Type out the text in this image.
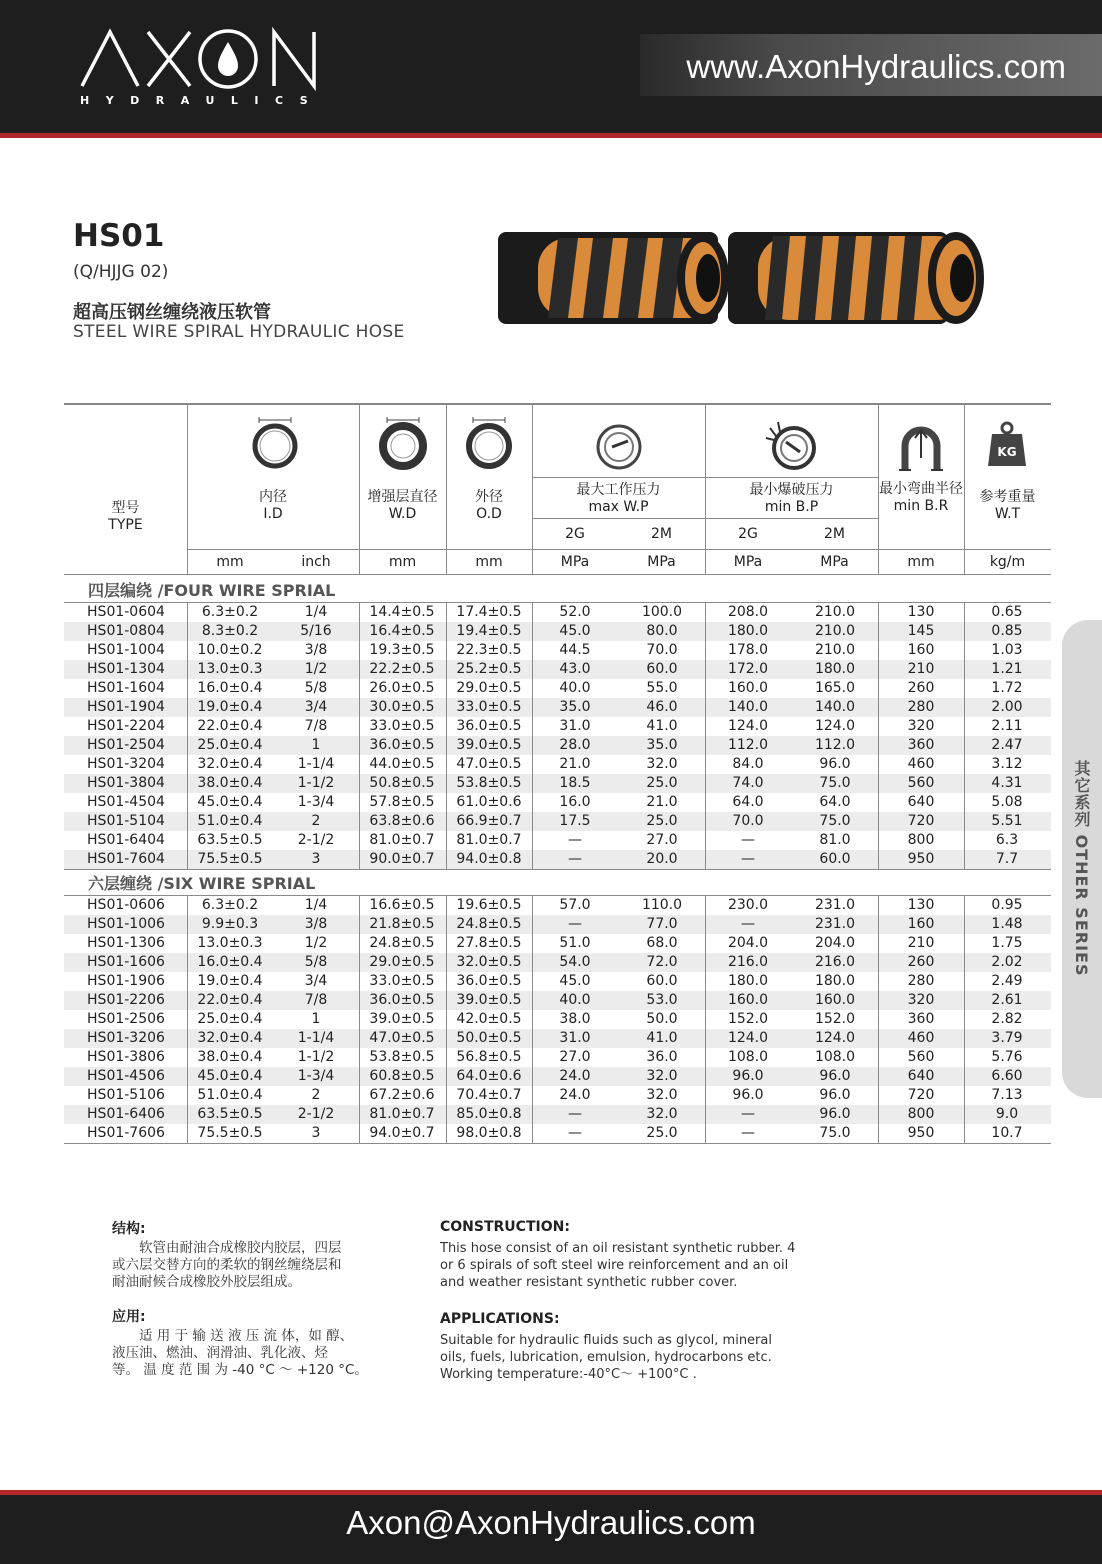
HYDRAULICS
www.AxonHydraulics.com
HS01
(Q/HJJG 02)
超高压钢丝缠绕液压软管
STEEL WIRE SPIRAL HYDRAULIC HOSE
型号
TYPE
内径
I.D
增强层直径
W.D
外径
O.D
最大工作压力
max W.P
最小爆破压力
min B.P
最小弯曲半径
min B.R
参考重量
W.T
2G	2M	2G	2M
mm	inch	mm	mm	MPa	MPa	MPa	MPa	mm	kg/m
KG
四层编绕 /FOUR WIRE SPRIAL
HS01-0604	6.3±0.2	1/4	14.4±0.5	17.4±0.5	52.0	100.0	208.0	210.0	130	0.65
HS01-0804	8.3±0.2	5/16	16.4±0.5	19.4±0.5	45.0	80.0	180.0	210.0	145	0.85
HS01-1004	10.0±0.2	3/8	19.3±0.5	22.3±0.5	44.5	70.0	178.0	210.0	160	1.03
HS01-1304	13.0±0.3	1/2	22.2±0.5	25.2±0.5	43.0	60.0	172.0	180.0	210	1.21
HS01-1604	16.0±0.4	5/8	26.0±0.5	29.0±0.5	40.0	55.0	160.0	165.0	260	1.72
HS01-1904	19.0±0.4	3/4	30.0±0.5	33.0±0.5	35.0	46.0	140.0	140.0	280	2.00
HS01-2204	22.0±0.4	7/8	33.0±0.5	36.0±0.5	31.0	41.0	124.0	124.0	320	2.11
HS01-2504	25.0±0.4	1	36.0±0.5	39.0±0.5	28.0	35.0	112.0	112.0	360	2.47
HS01-3204	32.0±0.4	1-1/4	44.0±0.5	47.0±0.5	21.0	32.0	84.0	96.0	460	3.12
HS01-3804	38.0±0.4	1-1/2	50.8±0.5	53.8±0.5	18.5	25.0	74.0	75.0	560	4.31
HS01-4504	45.0±0.4	1-3/4	57.8±0.5	61.0±0.6	16.0	21.0	64.0	64.0	640	5.08
HS01-5104	51.0±0.4	2	63.8±0.6	66.9±0.7	17.5	25.0	70.0	75.0	720	5.51
HS01-6404	63.5±0.5	2-1/2	81.0±0.7	81.0±0.7	—	27.0	—	81.0	800	6.3
HS01-7604	75.5±0.5	3	90.0±0.7	94.0±0.8	—	20.0	—	60.0	950	7.7
六层缠绕 /SIX WIRE SPRIAL
HS01-0606	6.3±0.2	1/4	16.6±0.5	19.6±0.5	57.0	110.0	230.0	231.0	130	0.95
HS01-1006	9.9±0.3	3/8	21.8±0.5	24.8±0.5	—	77.0	—	231.0	160	1.48
HS01-1306	13.0±0.3	1/2	24.8±0.5	27.8±0.5	51.0	68.0	204.0	204.0	210	1.75
HS01-1606	16.0±0.4	5/8	29.0±0.5	32.0±0.5	54.0	72.0	216.0	216.0	260	2.02
HS01-1906	19.0±0.4	3/4	33.0±0.5	36.0±0.5	45.0	60.0	180.0	180.0	280	2.49
HS01-2206	22.0±0.4	7/8	36.0±0.5	39.0±0.5	40.0	53.0	160.0	160.0	320	2.61
HS01-2506	25.0±0.4	1	39.0±0.5	42.0±0.5	38.0	50.0	152.0	152.0	360	2.82
HS01-3206	32.0±0.4	1-1/4	47.0±0.5	50.0±0.5	31.0	41.0	124.0	124.0	460	3.79
HS01-3806	38.0±0.4	1-1/2	53.8±0.5	56.8±0.5	27.0	36.0	108.0	108.0	560	5.76
HS01-4506	45.0±0.4	1-3/4	60.8±0.5	64.0±0.6	24.0	32.0	96.0	96.0	640	6.60
HS01-5106	51.0±0.4	2	67.2±0.6	70.4±0.7	24.0	32.0	96.0	96.0	720	7.13
HS01-6406	63.5±0.5	2-1/2	81.0±0.7	85.0±0.8	—	32.0	—	96.0	800	9.0
HS01-7606	75.5±0.5	3	94.0±0.7	98.0±0.8	—	25.0	—	75.0	950	10.7
其它系列 OTHER SERIES
结构:
　　软管由耐油合成橡胶内胶层，四层
或六层交替方向的柔软的钢丝缠绕层和
耐油耐候合成橡胶外胶层组成。
应用:
　　适 用 于 输 送 液 压 流 体，如 醇、
液压油、燃油、润滑油、乳化液、烃
等。 温 度 范 围 为 -40 °C ～ +120 °C。
CONSTRUCTION:
This hose consist of an oil resistant synthetic rubber. 4
or 6 spirals of soft steel wire reinforcement and an oil
and weather resistant synthetic rubber cover.
APPLICATIONS:
Suitable for hydraulic fluids such as glycol, mineral
oils, fuels, lubrication, emulsion, hydrocarbons etc.
Working temperature:-40°C～ +100°C .
Axon@AxonHydraulics.com
